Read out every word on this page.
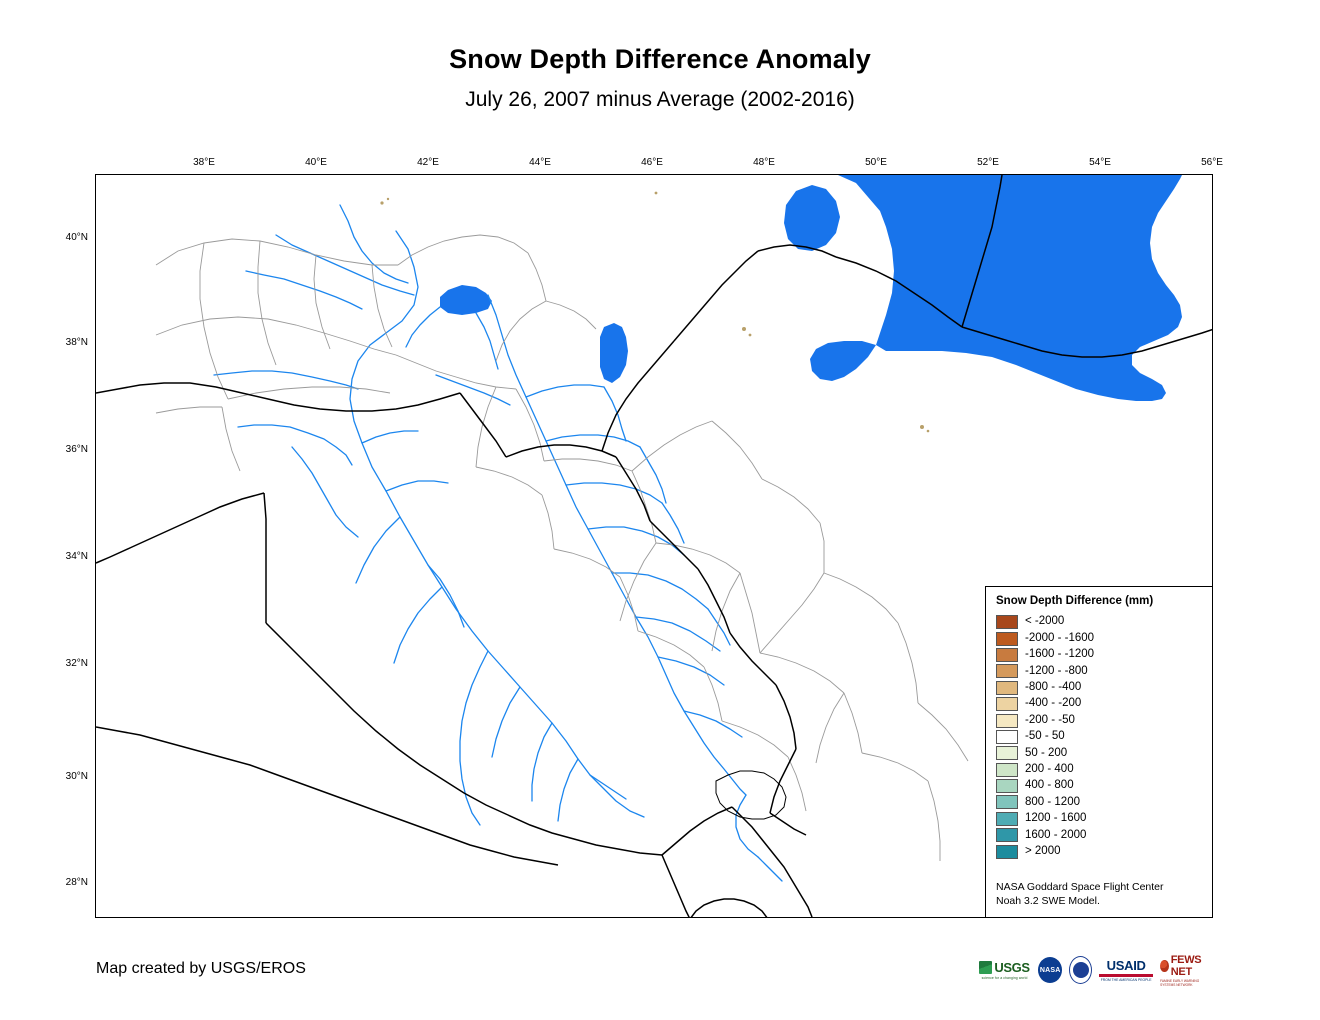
Snow Depth Difference Anomaly
July 26, 2007 minus Average (2002-2016)
38°E	40°E	42°E	44°E	46°E	48°E	50°E	52°E	54°E	56°E
40°N
38°N
36°N
34°N
32°N
30°N
28°N
Snow Depth Difference (mm)
< -2000
-2000 - -1600
-1600 - -1200
-1200 - -800
-800 - -400
-400 - -200
-200 - -50
-50 - 50
50 - 200
200 - 400
400 - 800
800 - 1200
1200 - 1600
1600 - 2000
> 2000
NASA Goddard Space Flight Center
Noah 3.2 SWE Model.
Map created by USGS/EROS	USGS
science for a changing world
NASA	USAID
FROM THE AMERICAN PEOPLE
FEWS NET
FAMINE EARLY WARNING SYSTEMS NETWORK
